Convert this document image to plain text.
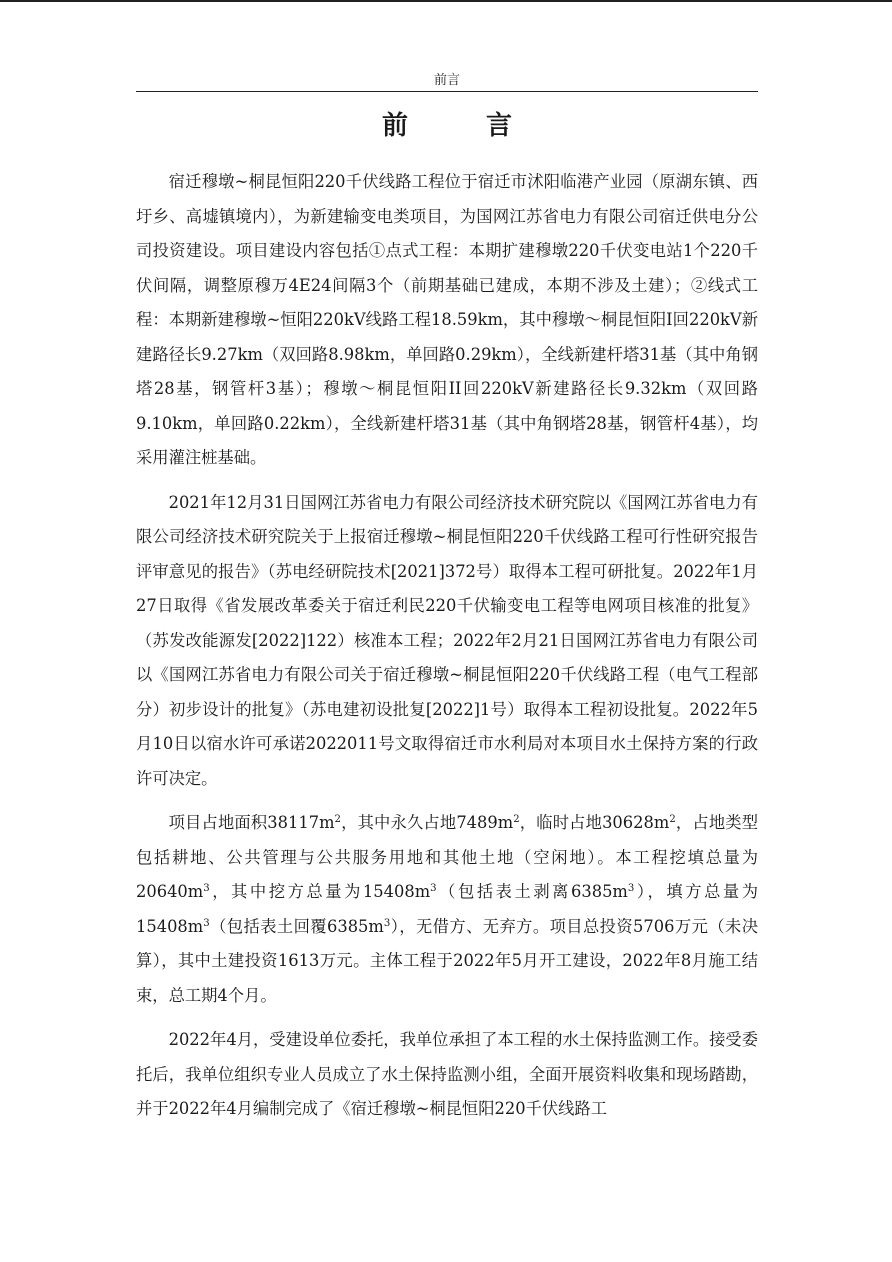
前言
前　言

宿迁穆墩~桐昆恒阳220千伏线路工程位于宿迁市沭阳临港产业园（原湖东镇、西圩乡、高墟镇境内），为新建输变电类项目，为国网江苏省电力有限公司宿迁供电分公司投资建设。项目建设内容包括①点式工程：本期扩建穆墩220千伏变电站1个220千伏间隔，调整原穆万4E24间隔3个（前期基础已建成，本期不涉及土建）；②线式工程：本期新建穆墩~恒阳220kV线路工程18.59km，其中穆墩～桐昆恒阳I回220kV新建路径长9.27km（双回路8.98km，单回路0.29km），全线新建杆塔31基（其中角钢塔28基，钢管杆3基）；穆墩～桐昆恒阳II回220kV新建路径长9.32km（双回路9.10km，单回路0.22km），全线新建杆塔31基（其中角钢塔28基，钢管杆4基），均采用灌注桩基础。

2021年12月31日国网江苏省电力有限公司经济技术研究院以《国网江苏省电力有限公司经济技术研究院关于上报宿迁穆墩~桐昆恒阳220千伏线路工程可行性研究报告评审意见的报告》（苏电经研院技术[2021]372号）取得本工程可研批复。2022年1月27日取得《省发展改革委关于宿迁利民220千伏输变电工程等电网项目核准的批复》（苏发改能源发[2022]122）核准本工程；2022年2月21日国网江苏省电力有限公司以《国网江苏省电力有限公司关于宿迁穆墩~桐昆恒阳220千伏线路工程（电气工程部分）初步设计的批复》（苏电建初设批复[2022]1号）取得本工程初设批复。2022年5月10日以宿水许可承诺2022011号文取得宿迁市水利局对本项目水土保持方案的行政许可决定。

项目占地面积$38117m^2$，其中永久占地$7489m^2$，临时占地$30628m^2$，占地类型包括耕地、公共管理与公共服务用地和其他土地（空闲地）。本工程挖填总量为$20640m^3$，其中挖方总量为$15408m^3$（包括表土剥离$6385m^3$），填方总量为$15408m^3$（包括表土回覆$6385m^3$），无借方、无弃方。项目总投资5706万元（未决算），其中土建投资1613万元。主体工程于2022年5月开工建设，2022年8月施工结束，总工期4个月。

2022年4月，受建设单位委托，我单位承担了本工程的水土保持监测工作。接受委托后，我单位组织专业人员成立了水土保持监测小组，全面开展资料收集和现场踏勘，并于2022年4月编制完成了《宿迁穆墩~桐昆恒阳220千伏线路工
